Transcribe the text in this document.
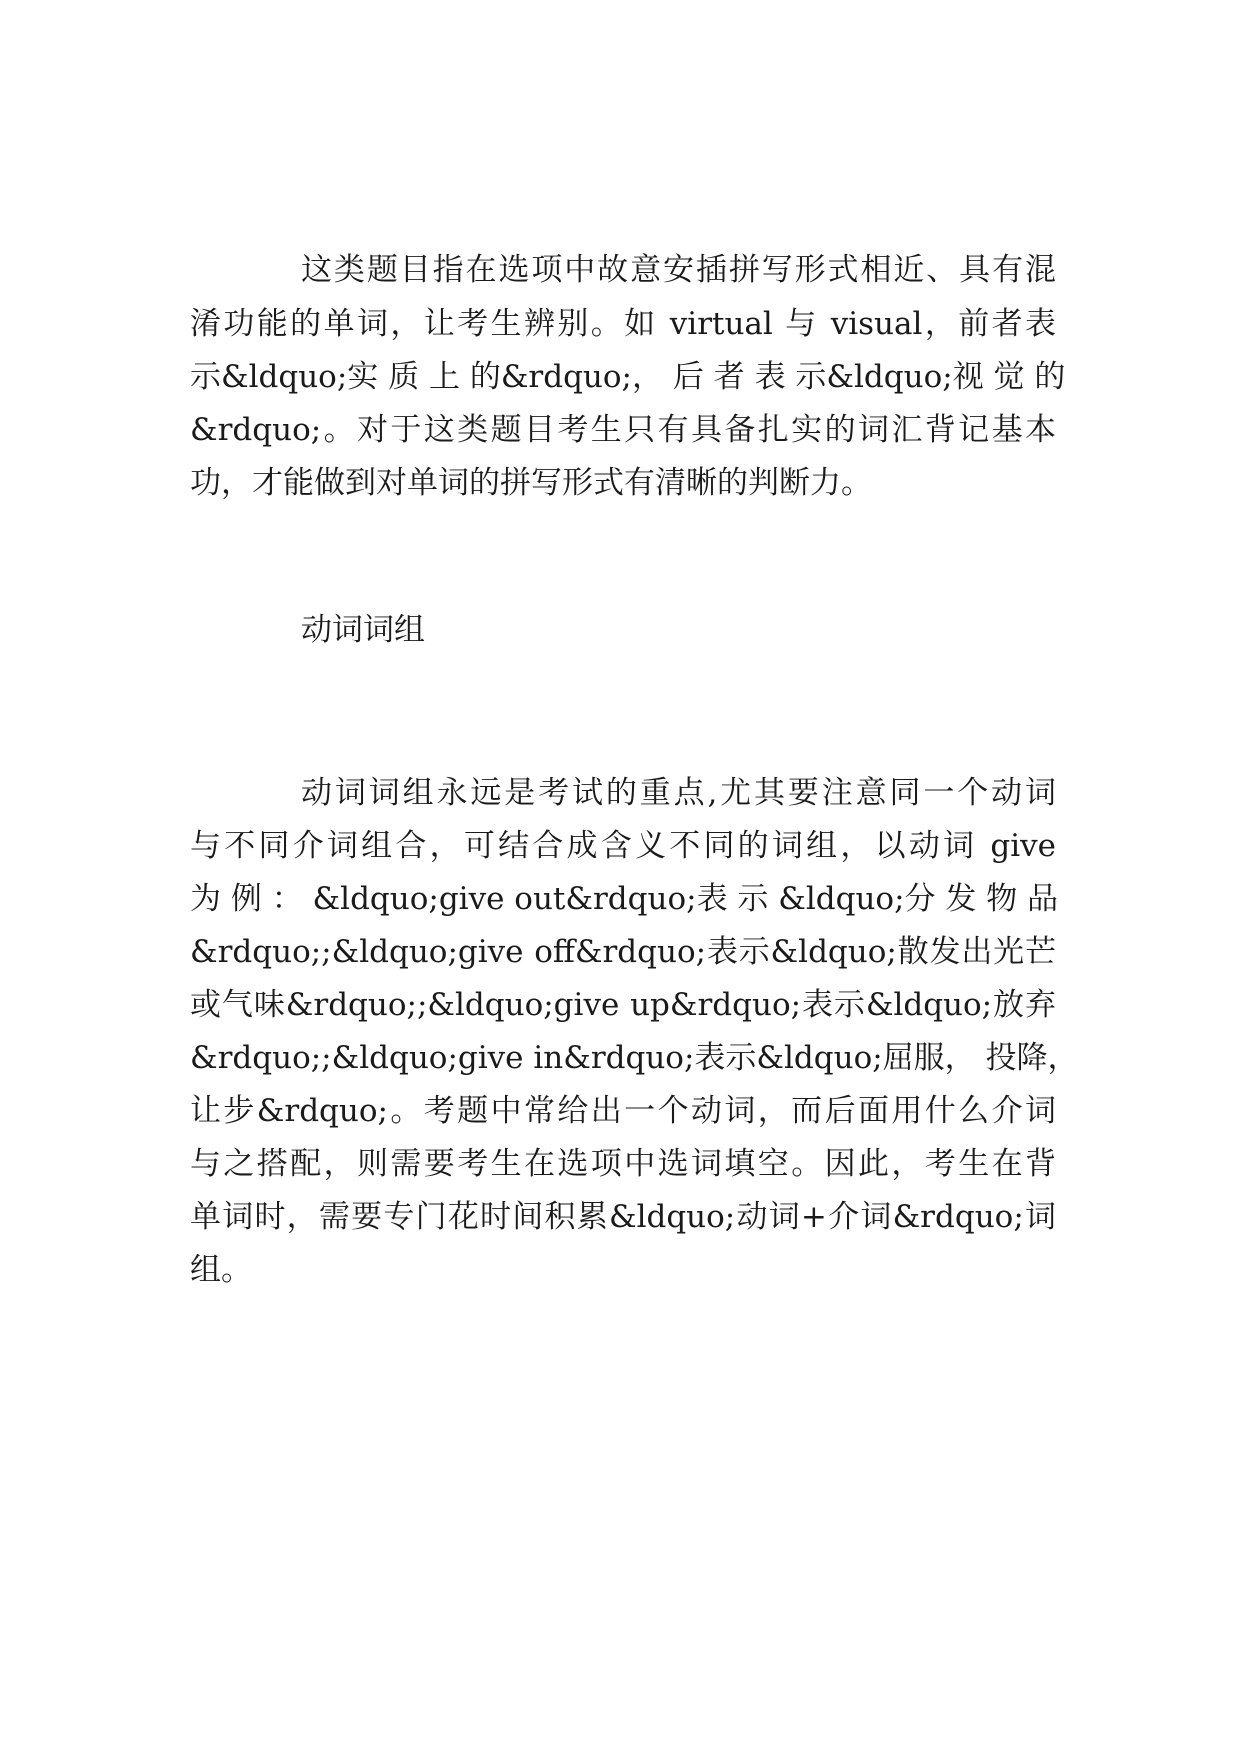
这类题目指在选项中故意安插拼写形式相近、具有混
淆功能的单词，让考生辨别。如 virtual 与 visual，前者表
示&ldquo;实 质 上 的&rdquo;， 后 者 表 示&ldquo;视 觉 的
&rdquo;。对于这类题目考生只有具备扎实的词汇背记基本
功，才能做到对单词的拼写形式有清晰的判断力。
动词词组
动词词组永远是考试的重点,尤其要注意同一个动词
与不同介词组合，可结合成含义不同的词组，以动词 give
为 例 ： &ldquo;give out&rdquo;表 示 &ldquo;分 发 物 品
&rdquo;;&ldquo;give off&rdquo;表示&ldquo;散发出光芒
或气味&rdquo;;&ldquo;give up&rdquo;表示&ldquo;放弃
&rdquo;;&ldquo;give in&rdquo;表示&ldquo;屈服， 投降，
让步&rdquo;。考题中常给出一个动词，而后面用什么介词
与之搭配，则需要考生在选项中选词填空。因此，考生在背
单词时，需要专门花时间积累&ldquo;动词+介词&rdquo;词
组。
